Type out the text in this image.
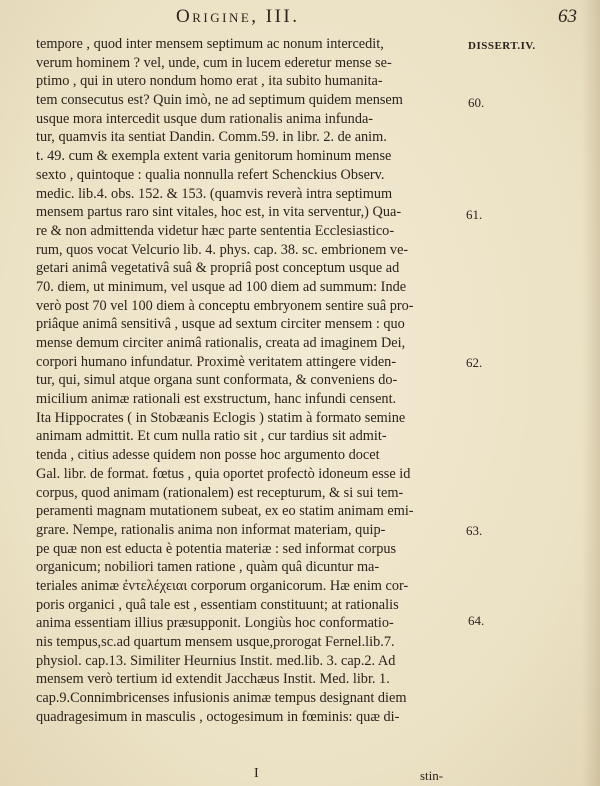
Origine, III.	63
DISSERT.IV.
60.
61.
62.
63.
64.
tempore , quod inter mensem septimum ac nonum intercedit,
verum hominem ? vel, unde, cum in lucem ederetur mense se-
ptimo , qui in utero nondum homo erat , ita subito humanita-
tem consecutus est? Quin imò, ne ad septimum quidem mensem
usque mora intercedit usque dum rationalis anima infunda-
tur, quamvis ita sentiat Dandin. Comm.59. in libr. 2. de anim.
t. 49. cum & exempla extent varia genitorum hominum mense
sexto , quintoque : qualia nonnulla refert Schenckius Observ.
medic. lib.4. obs. 152. & 153. (quamvis reverà intra septimum
mensem partus raro sint vitales, hoc est, in vita serventur,) Qua-
re & non admittenda videtur hæc parte sententia Ecclesiastico-
rum, quos vocat Velcurio lib. 4. phys. cap. 38. sc. embrionem ve-
getari animâ vegetativâ suâ & propriâ post conceptum usque ad
70. diem, ut minimum, vel usque ad 100 diem ad summum: Inde
verò post 70 vel 100 diem à conceptu embryonem sentire suâ pro-
priâque animâ sensitivâ , usque ad sextum circiter mensem : quo
mense demum circiter animâ rationalis, creata ad imaginem Dei,
corpori humano infundatur. Proximè veritatem attingere viden-
tur, qui, simul atque organa sunt conformata, & conveniens do-
micilium animæ rationali est exstructum, hanc infundi censent.
Ita Hippocrates ( in Stobæanis Eclogis ) statim à formato semine
animam admittit. Et cum nulla ratio sit , cur tardius sit admit-
tenda , citius adesse quidem non posse hoc argumento docet
Gal. libr. de format. fœtus , quia oportet profectò idoneum esse id
corpus, quod animam (rationalem) est recepturum, & si sui tem-
peramenti magnam mutationem subeat, ex eo statim animam emi-
grare. Nempe, rationalis anima non informat materiam, quip-
pe quæ non est educta è potentia materiæ : sed informat corpus
organicum; nobiliori tamen ratione , quàm quâ dicuntur ma-
teriales animæ ἐντελέχειαι corporum organicorum. Hæ enim cor-
poris organici , quâ tale est , essentiam constituunt; at rationalis
anima essentiam illius præsupponit. Longiùs hoc conformatio-
nis tempus,sc.ad quartum mensem usque,prorogat Fernel.lib.7.
physiol. cap.13. Similiter Heurnius Instit. med.lib. 3. cap.2. Ad
mensem verò tertium id extendit Jacchæus Instit. Med. libr. 1.
cap.9.Connimbricenses infusionis animæ tempus designant diem
quadragesimum in masculis , octogesimum in fœminis: quæ di-
I	stin-
